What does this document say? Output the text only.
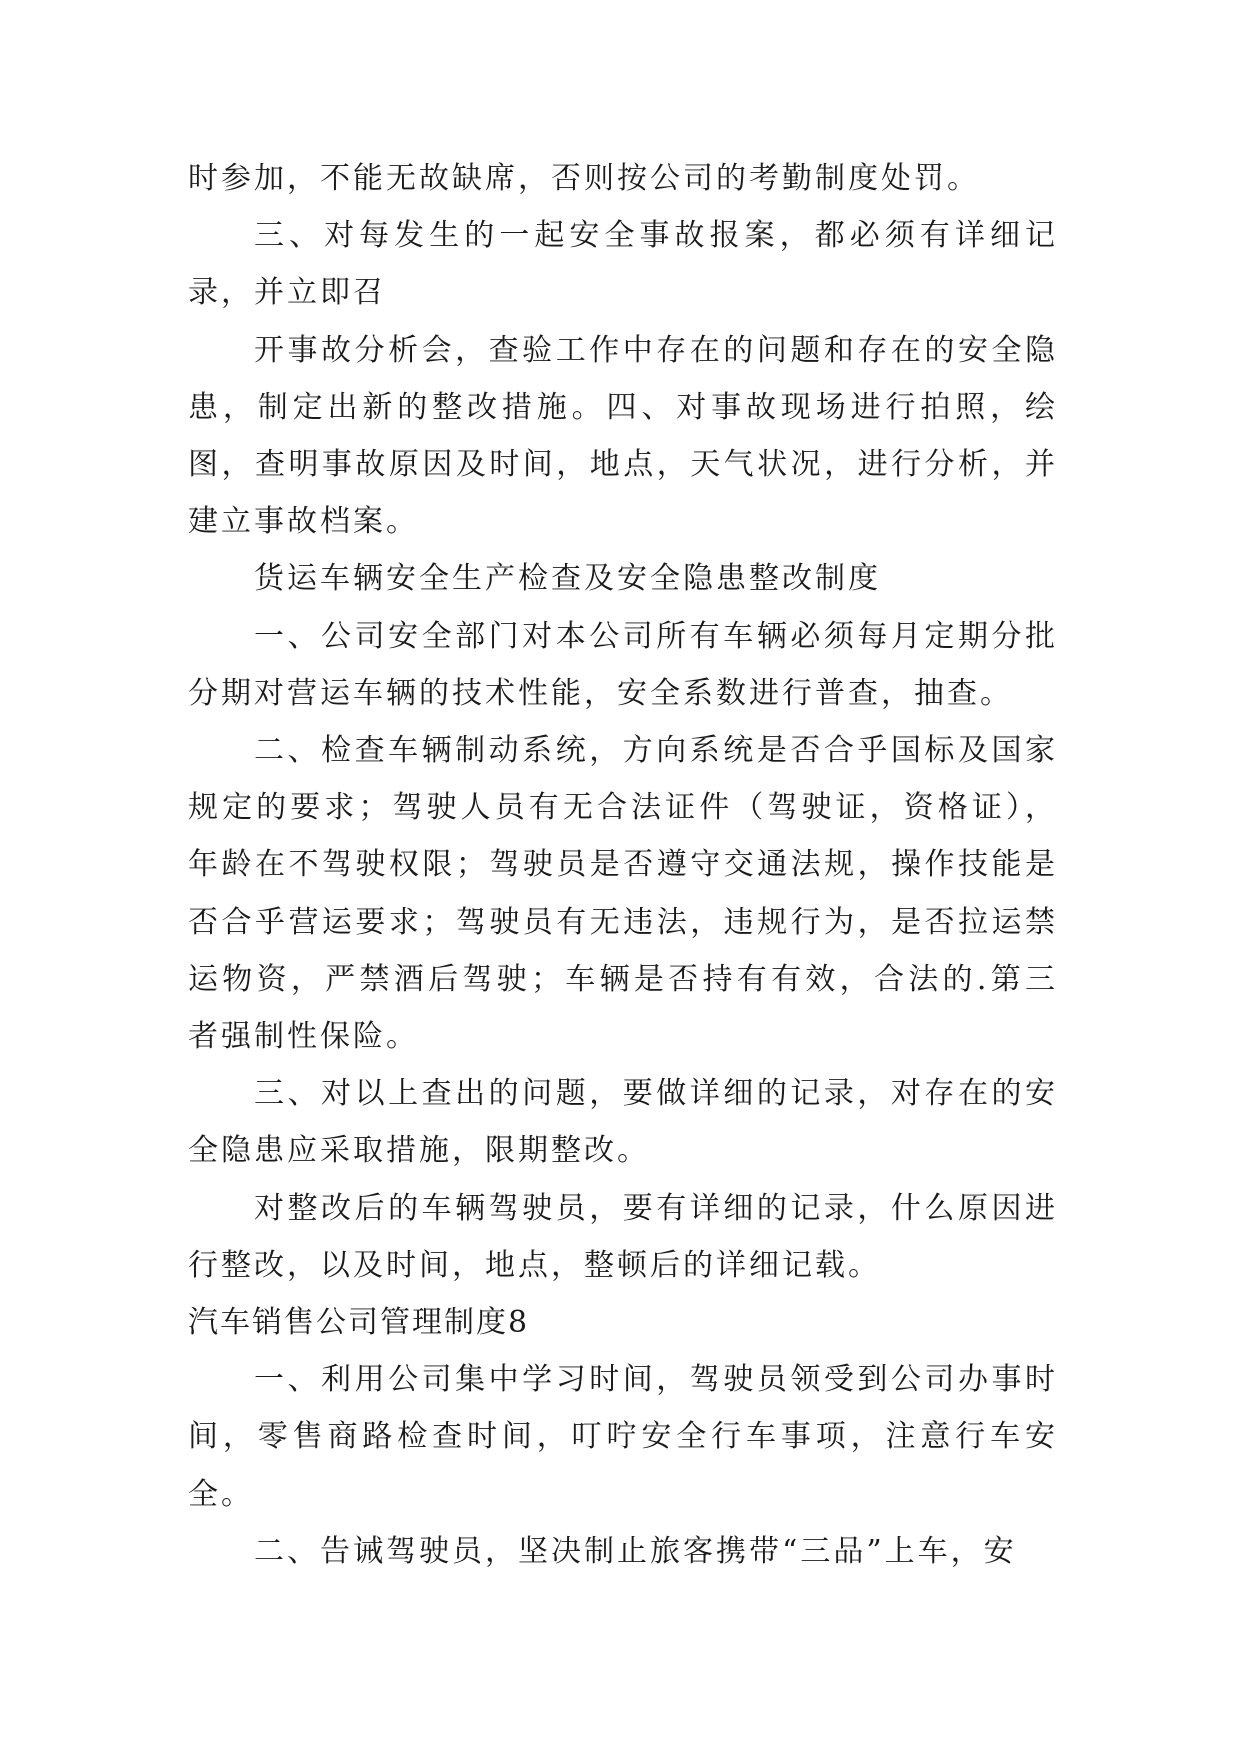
时参加，不能无故缺席，否则按公司的考勤制度处罚。

三、对每发生的一起安全事故报案，都必须有详细记录，并立即召

开事故分析会，查验工作中存在的问题和存在的安全隐患，制定出新的整改措施。四、对事故现场进行拍照，绘图，查明事故原因及时间，地点，天气状况，进行分析，并建立事故档案。

货运车辆安全生产检查及安全隐患整改制度

一、公司安全部门对本公司所有车辆必须每月定期分批分期对营运车辆的技术性能，安全系数进行普查，抽查。

二、检查车辆制动系统，方向系统是否合乎国标及国家规定的要求；驾驶人员有无合法证件（驾驶证，资格证），年龄在不驾驶权限；驾驶员是否遵守交通法规，操作技能是否合乎营运要求；驾驶员有无违法，违规行为，是否拉运禁运物资，严禁酒后驾驶；车辆是否持有有效，合法的.第三者强制性保险。

三、对以上查出的问题，要做详细的记录，对存在的安全隐患应采取措施，限期整改。

对整改后的车辆驾驶员，要有详细的记录，什么原因进行整改，以及时间，地点，整顿后的详细记载。

汽车销售公司管理制度8

一、利用公司集中学习时间，驾驶员领受到公司办事时间，零售商路检查时间，叮咛安全行车事项，注意行车安全。

二、告诫驾驶员，坚决制止旅客携带“三品”上车，安
